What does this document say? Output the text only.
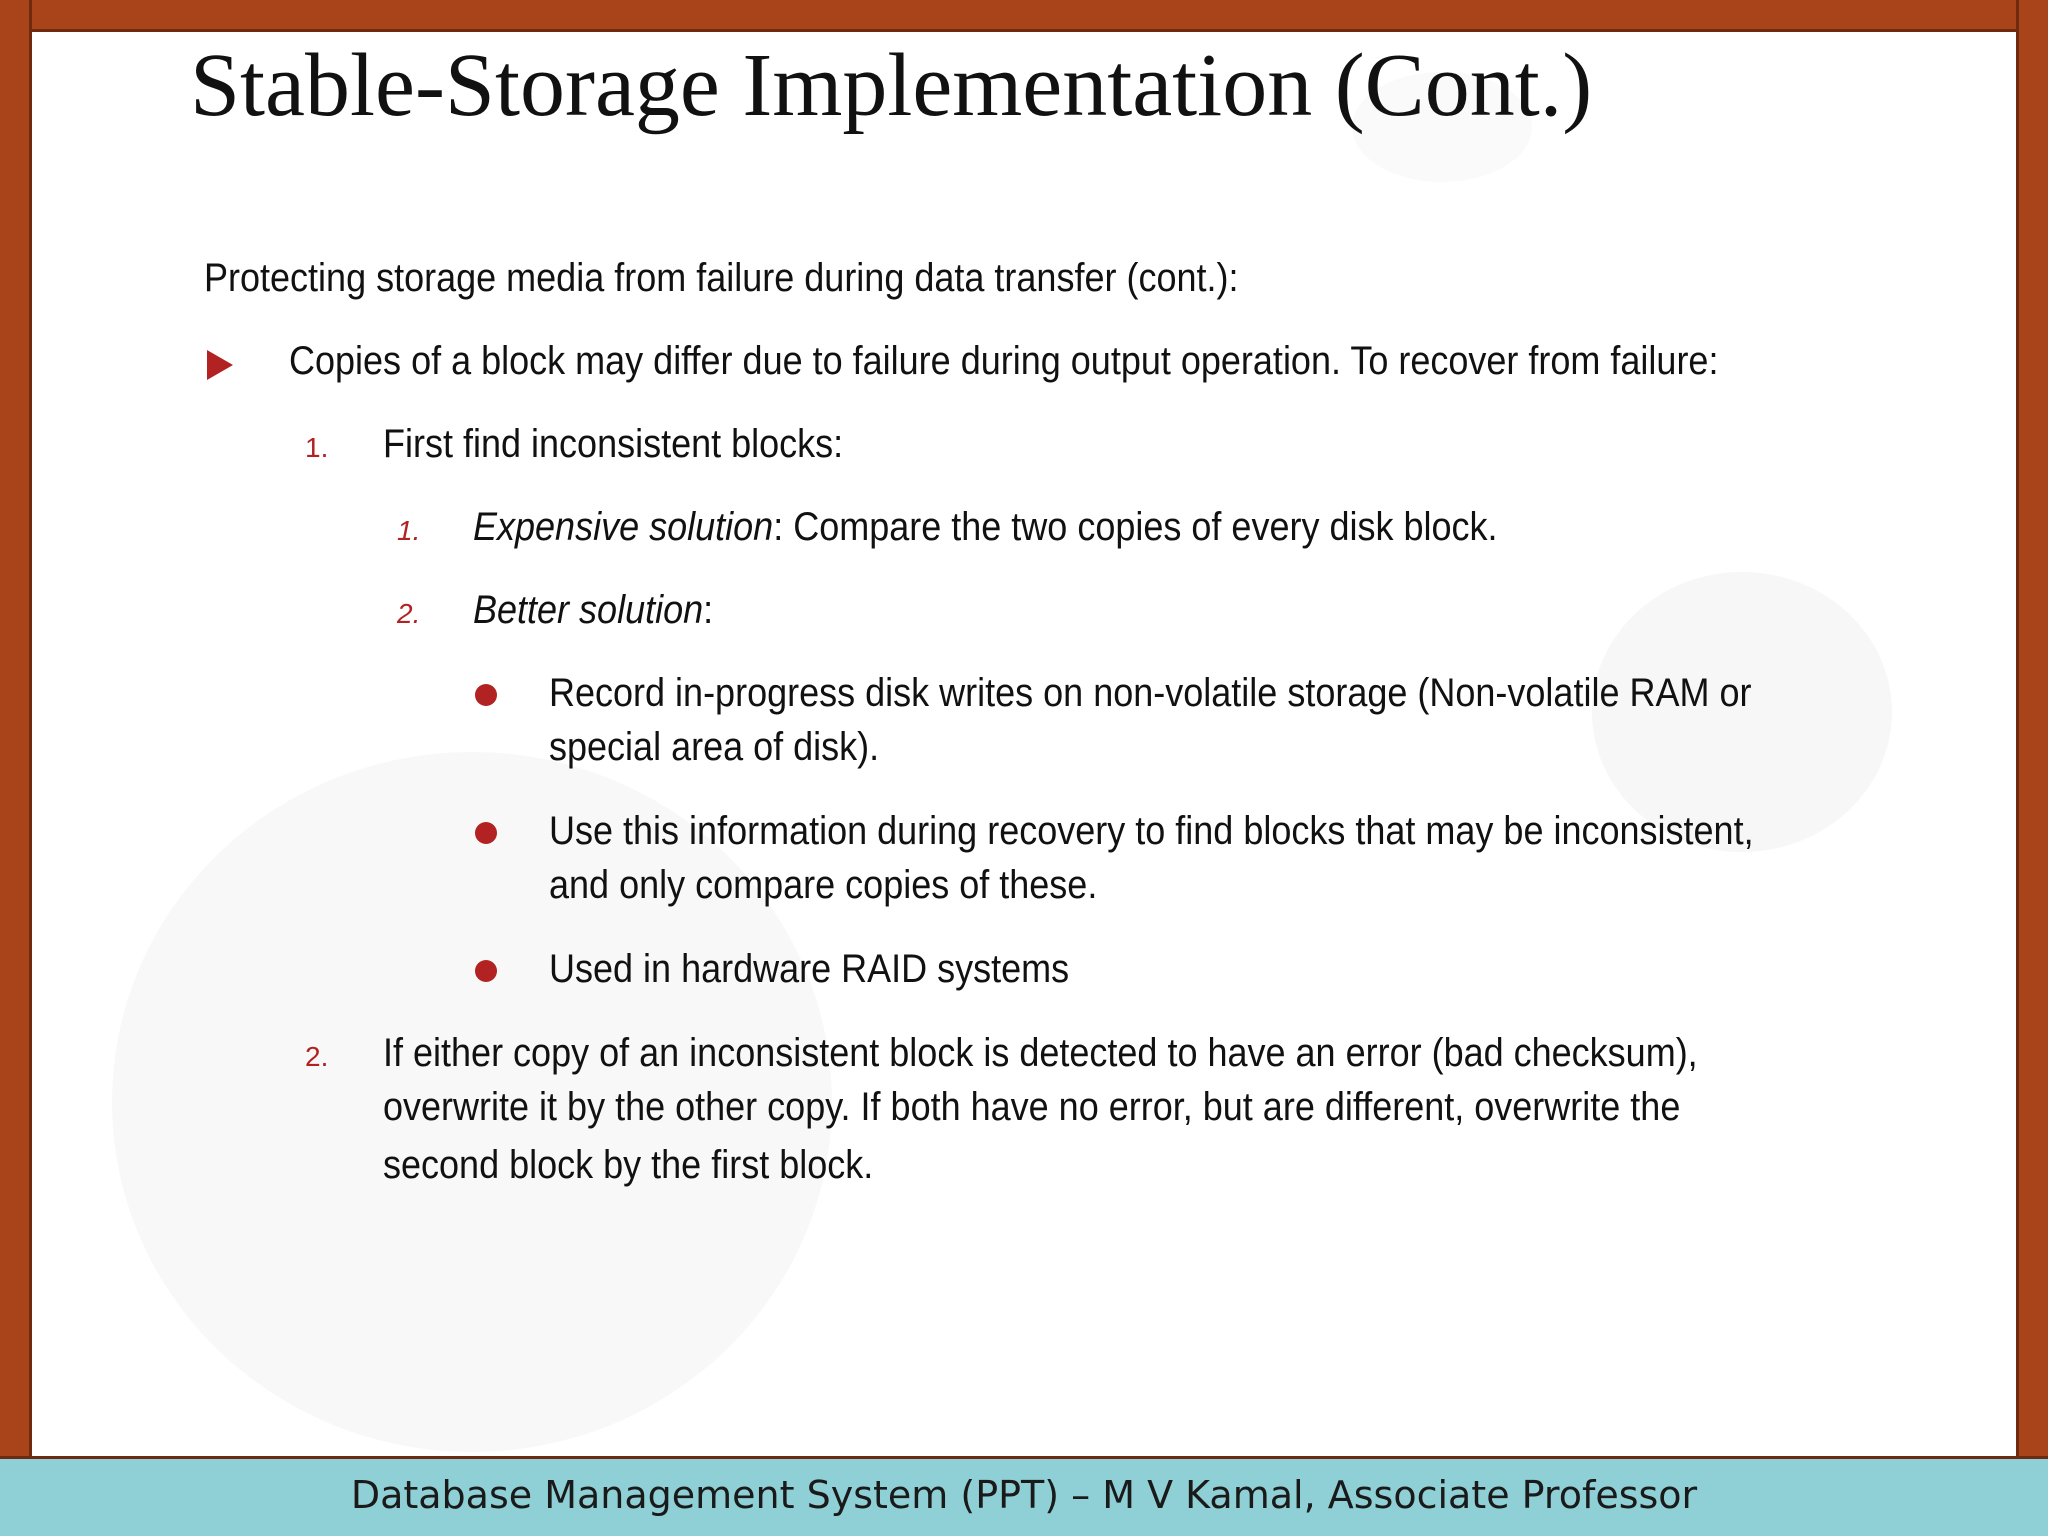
Stable-Storage Implementation (Cont.)
Protecting storage media from failure during data transfer (cont.):
Copies of a block may differ due to failure during output operation. To recover from failure:
1. First find inconsistent blocks:
1. Expensive solution: Compare the two copies of every disk block.
2. Better solution:
Record in-progress disk writes on non-volatile storage (Non-volatile RAM or
special area of disk).
Use this information during recovery to find blocks that may be inconsistent,
and only compare copies of these.
Used in hardware RAID systems
2. If either copy of an inconsistent block is detected to have an error (bad checksum),
overwrite it by the other copy. If both have no error, but are different, overwrite the
second block by the first block.
Database Management System (PPT) – M V Kamal, Associate Professor
